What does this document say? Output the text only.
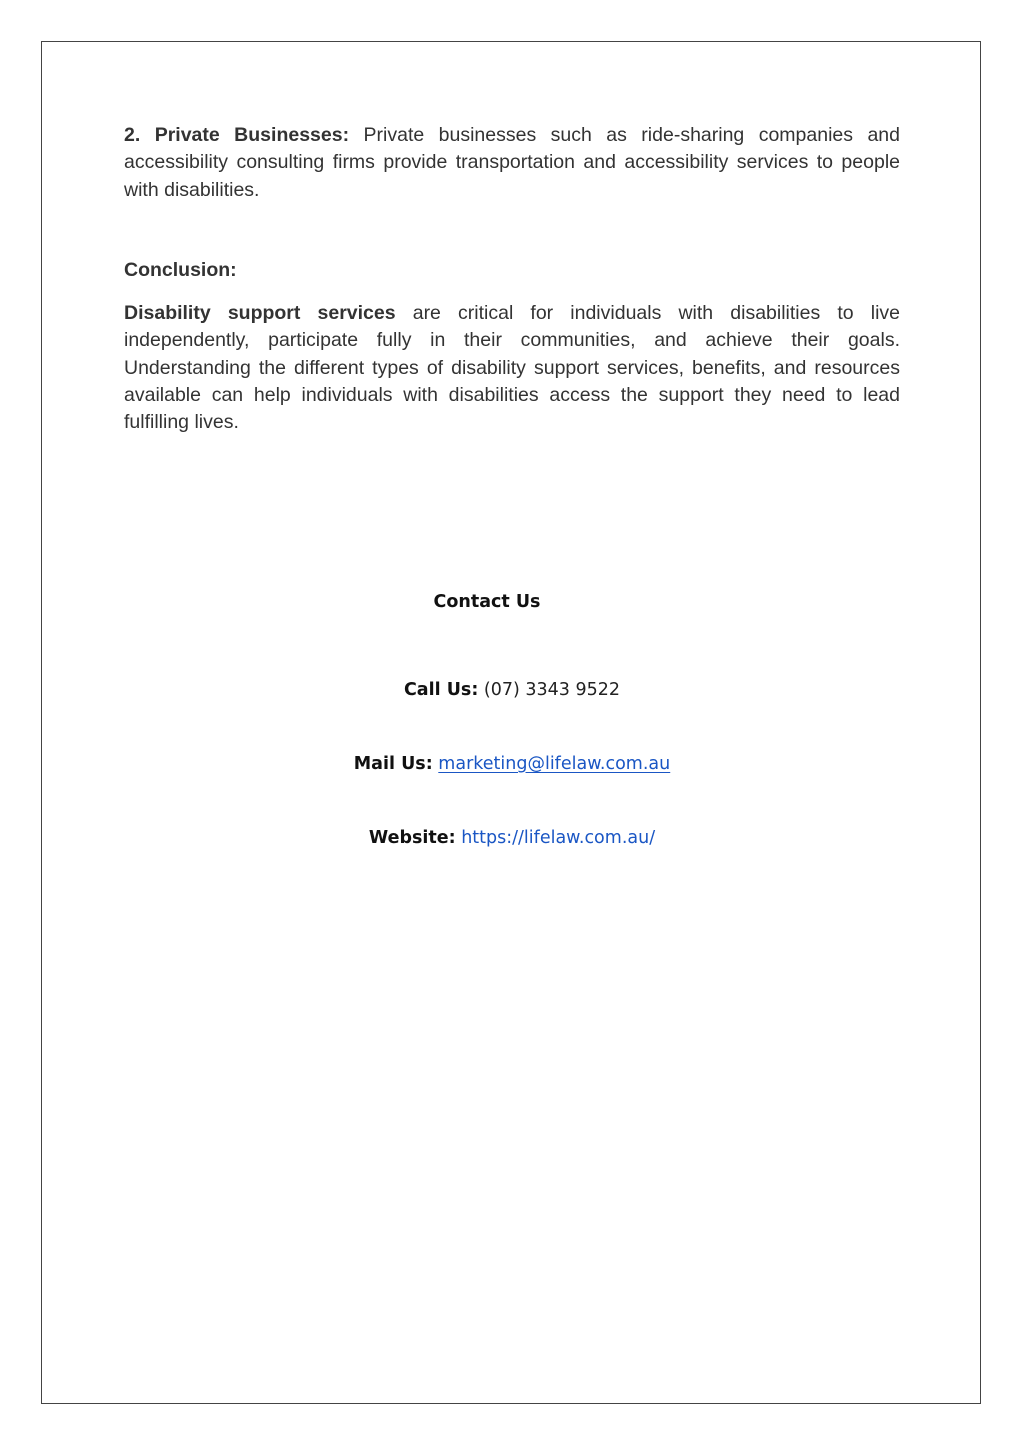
2. Private Businesses: Private businesses such as ride-sharing companies and accessibility consulting firms provide transportation and accessibility services to people with disabilities.

Conclusion:

Disability support services are critical for individuals with disabilities to live independently, participate fully in their communities, and achieve their goals. Understanding the different types of disability support services, benefits, and resources available can help individuals with disabilities access the support they need to lead fulfilling lives.

Contact Us
Call Us: (07) 3343 9522
Mail Us: marketing@lifelaw.com.au
Website: https://lifelaw.com.au/
